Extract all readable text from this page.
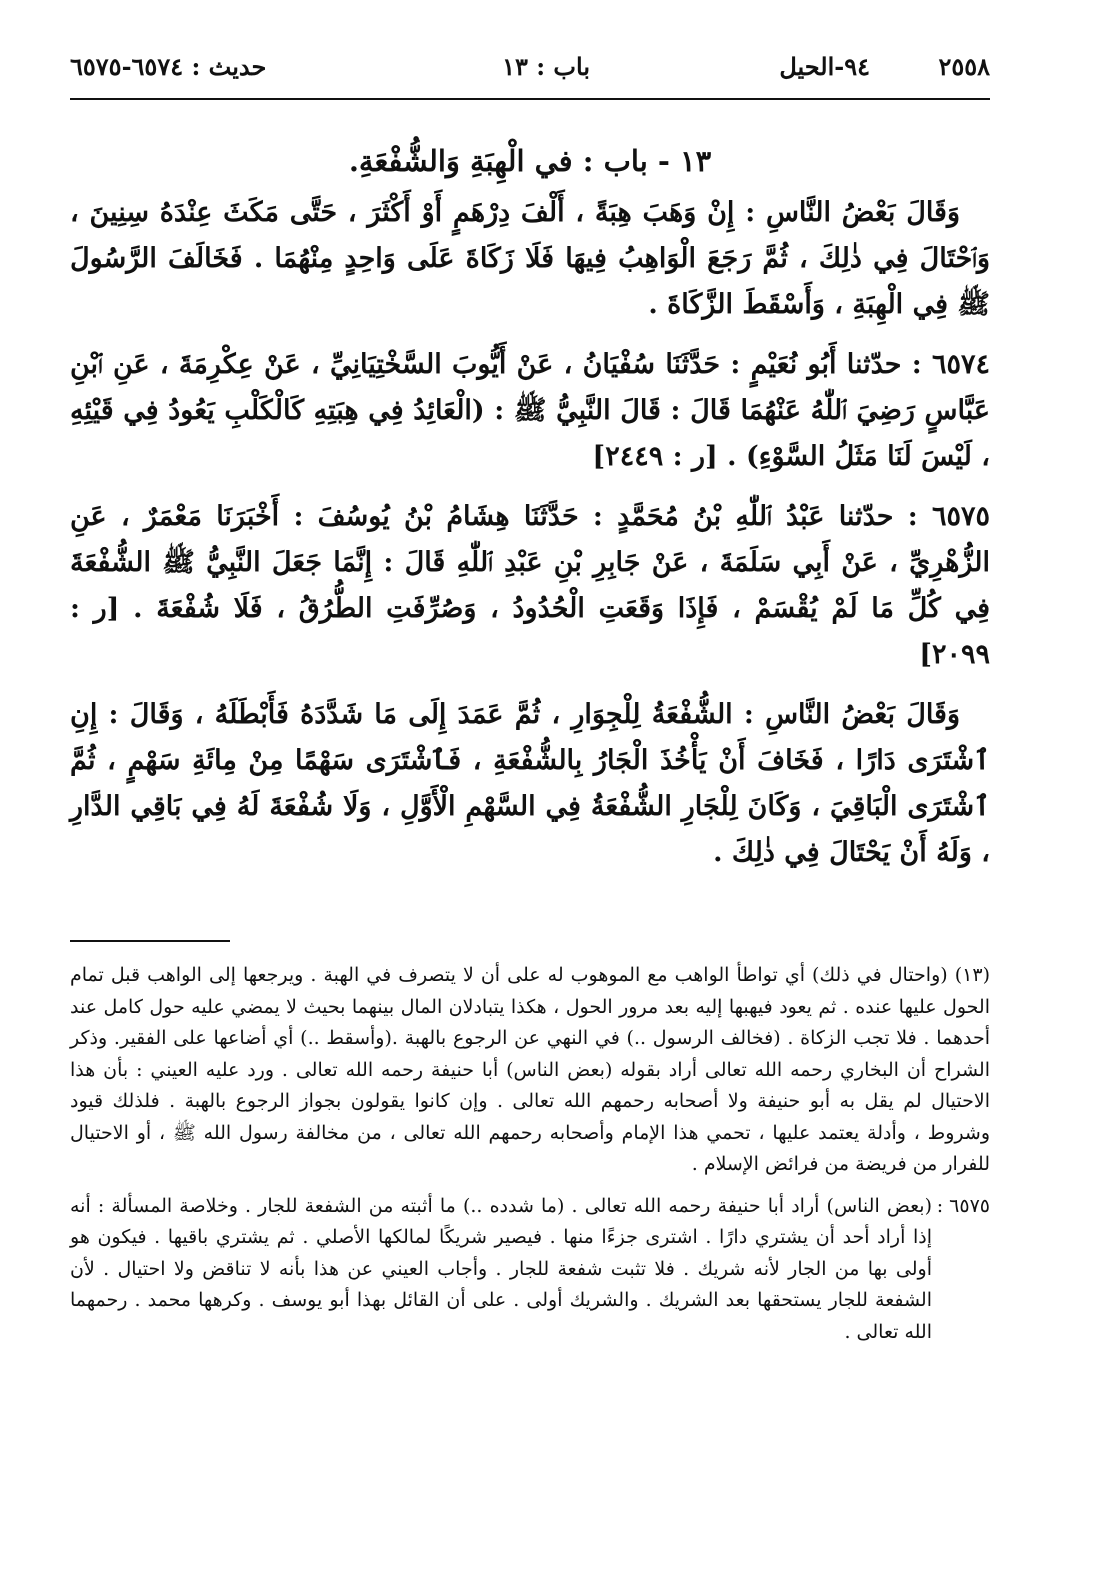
٢٥٥٨
٩٤-الحيل
باب : ١٣
حديث : ٦٥٧٤-٦٥٧٥

١٣ - باب : في الْهِبَةِ وَالشُّفْعَةِ.

وَقَالَ بَعْضُ النَّاسِ : إِنْ وَهَبَ هِبَةً ، أَلْفَ دِرْهَمٍ أَوْ أَكْثَرَ ، حَتَّى مَكَثَ عِنْدَهُ سِنِينَ ، وَٱحْتَالَ فِي ذٰلِكَ ، ثُمَّ رَجَعَ الْوَاهِبُ فِيهَا فَلَا زَكَاةَ عَلَى وَاحِدٍ مِنْهُمَا . فَخَالَفَ الرَّسُولَ ﷺ فِي الْهِبَةِ ، وَأَسْقَطَ الزَّكَاةَ .

٦٥٧٤ : حدّثنا أَبُو نُعَيْمٍ : حَدَّثَنَا سُفْيَانُ ، عَنْ أَيُّوبَ السَّخْتِيَانِيِّ ، عَنْ عِكْرِمَةَ ، عَنِ ٱبْنِ عَبَّاسٍ رَضِيَ ٱللّٰهُ عَنْهُمَا قَالَ : قَالَ النَّبِيُّ ﷺ : (الْعَائِدُ فِي هِبَتِهِ كَالْكَلْبِ يَعُودُ فِي قَيْئِهِ ، لَيْسَ لَنَا مَثَلُ السَّوْءِ) . [ر : ٢٤٤٩]

٦٥٧٥ : حدّثنا عَبْدُ ٱللّٰهِ بْنُ مُحَمَّدٍ : حَدَّثَنَا هِشَامُ بْنُ يُوسُفَ : أَخْبَرَنَا مَعْمَرٌ ، عَنِ الزُّهْرِيِّ ، عَنْ أَبِي سَلَمَةَ ، عَنْ جَابِرِ بْنِ عَبْدِ ٱللّٰهِ قَالَ : إِنَّمَا جَعَلَ النَّبِيُّ ﷺ الشُّفْعَةَ فِي كُلِّ مَا لَمْ يُقْسَمْ ، فَإِذَا وَقَعَتِ الْحُدُودُ ، وَصُرِّفَتِ الطُّرُقُ ، فَلَا شُفْعَةَ . [ر : ٢٠٩٩]

وَقَالَ بَعْضُ النَّاسِ : الشُّفْعَةُ لِلْجِوَارِ ، ثُمَّ عَمَدَ إِلَى مَا شَدَّدَهُ فَأَبْطَلَهُ ، وَقَالَ : إِنِ ٱشْتَرَى دَارًا ، فَخَافَ أَنْ يَأْخُذَ الْجَارُ بِالشُّفْعَةِ ، فَٱشْتَرَى سَهْمًا مِنْ مِائَةِ سَهْمٍ ، ثُمَّ ٱشْتَرَى الْبَاقِيَ ، وَكَانَ لِلْجَارِ الشُّفْعَةُ فِي السَّهْمِ الْأَوَّلِ ، وَلَا شُفْعَةَ لَهُ فِي بَاقِي الدَّارِ ، وَلَهُ أَنْ يَحْتَالَ فِي ذٰلِكَ .

(١٣) (واحتال في ذلك) أي تواطأ الواهب مع الموهوب له على أن لا يتصرف في الهبة . ويرجعها إلى الواهب قبل تمام الحول عليها عنده . ثم يعود فيهبها إليه بعد مرور الحول ، هكذا يتبادلان المال بينهما بحيث لا يمضي عليه حول كامل عند أحدهما . فلا تجب الزكاة . (فخالف الرسول ..) في النهي عن الرجوع بالهبة .(وأسقط ..) أي أضاعها على الفقير. وذكر الشراح أن البخاري رحمه الله تعالى أراد بقوله (بعض الناس) أبا حنيفة رحمه الله تعالى . ورد عليه العيني : بأن هذا الاحتيال لم يقل به أبو حنيفة ولا أصحابه رحمهم الله تعالى . وإن كانوا يقولون بجواز الرجوع بالهبة . فلذلك قيود وشروط ، وأدلة يعتمد عليها ، تحمي هذا الإمام وأصحابه رحمهم الله تعالى ، من مخالفة رسول الله ﷺ ، أو الاحتيال للفرار من فريضة من فرائض الإسلام .

٦٥٧٥ :
(بعض الناس) أراد أبا حنيفة رحمه الله تعالى . (ما شدده ..) ما أثبته من الشفعة للجار . وخلاصة المسألة : أنه إذا أراد أحد أن يشتري دارًا . اشترى جزءًا منها . فيصير شريكًا لمالكها الأصلي . ثم يشتري باقيها . فيكون هو أولى بها من الجار لأنه شريك . فلا تثبت شفعة للجار . وأجاب العيني عن هذا بأنه لا تناقض ولا احتيال . لأن الشفعة للجار يستحقها بعد الشريك . والشريك أولى . على أن القائل بهذا أبو يوسف . وكرهها محمد . رحمهما الله تعالى .
